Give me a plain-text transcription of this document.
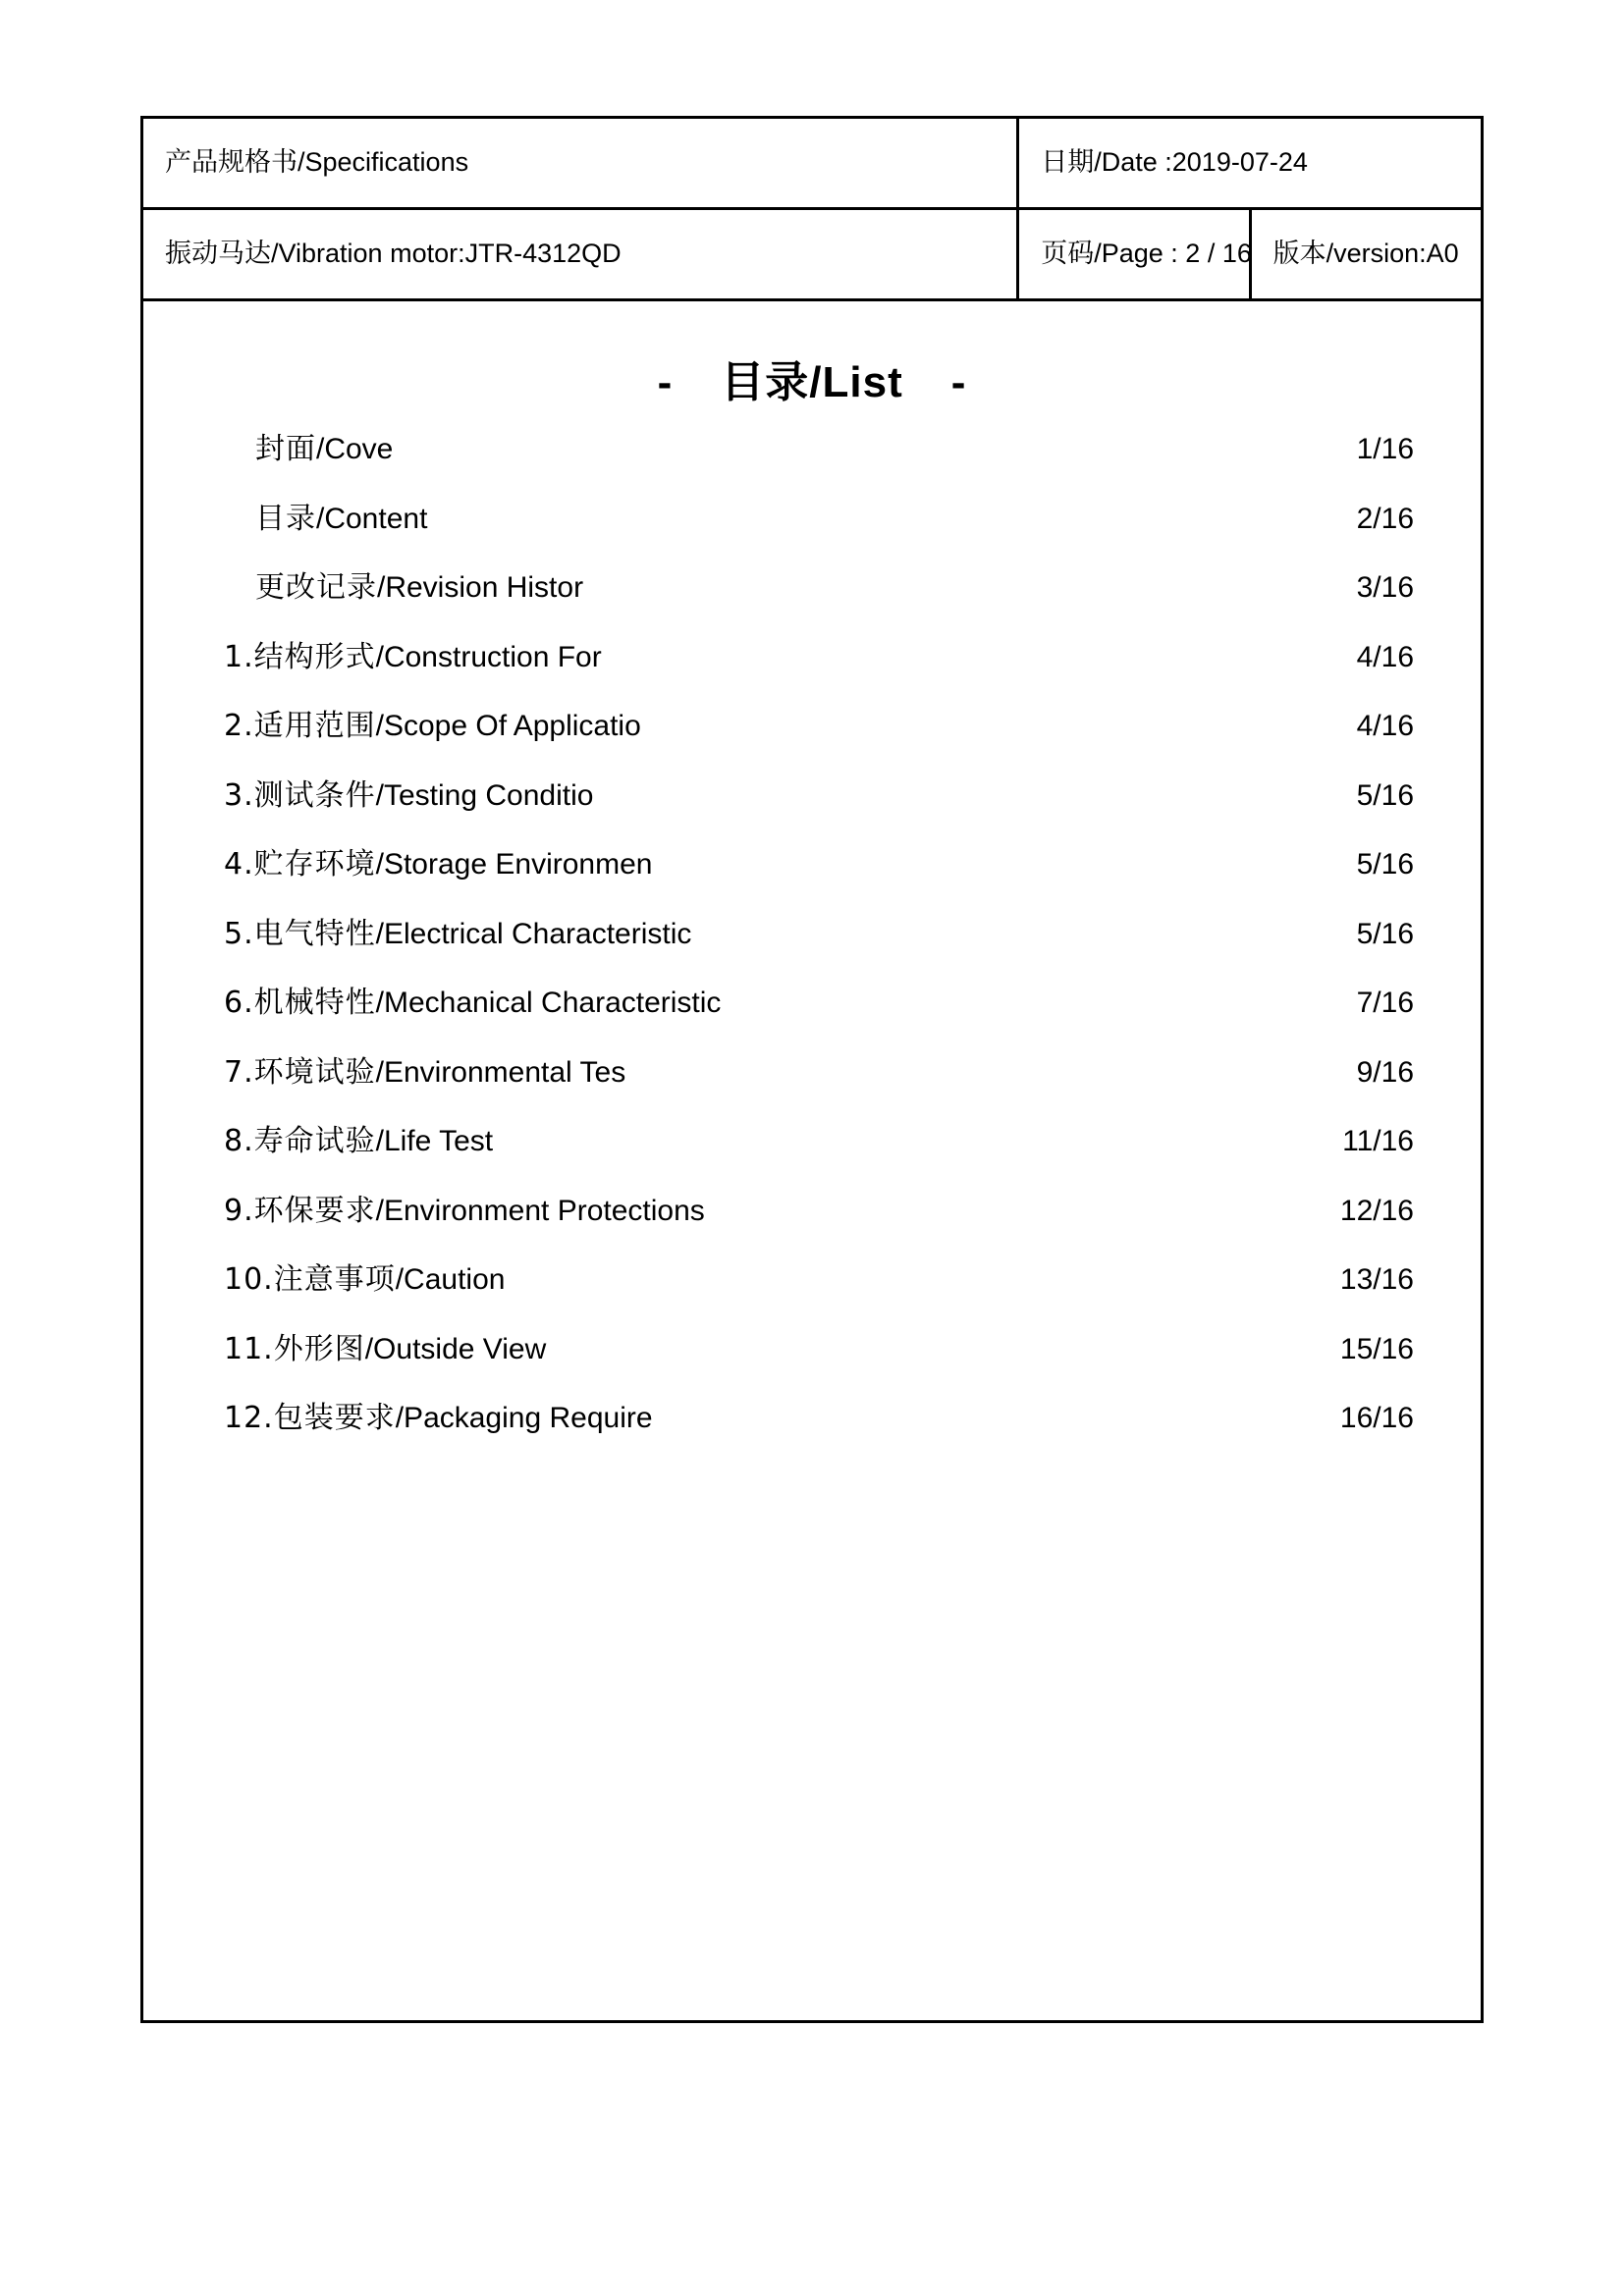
产品规格书/Specifications	日期/Date :2019-07-24	
振动马达/Vibration motor:JTR-4312QD	页码/Page : 2 / 16	版本/version:A0
- 目录/List -
封面/Cove	1/16
目录/Content	2/16
更改记录/Revision Histor	3/16
1.结构形式/Construction For	4/16
2.适用范围/Scope Of Applicatio	4/16
3.测试条件/Testing Conditio	5/16
4.贮存环境/Storage Environmen	5/16
5.电气特性/Electrical Characteristic	5/16
6.机械特性/Mechanical Characteristic	7/16
7.环境试验/Environmental Tes	9/16
8.寿命试验/Life Test	11/16
9.环保要求/Environment Protections	12/16
10.注意事项/Caution	13/16
11.外形图/Outside View	15/16
12.包装要求/Packaging Require	16/16
